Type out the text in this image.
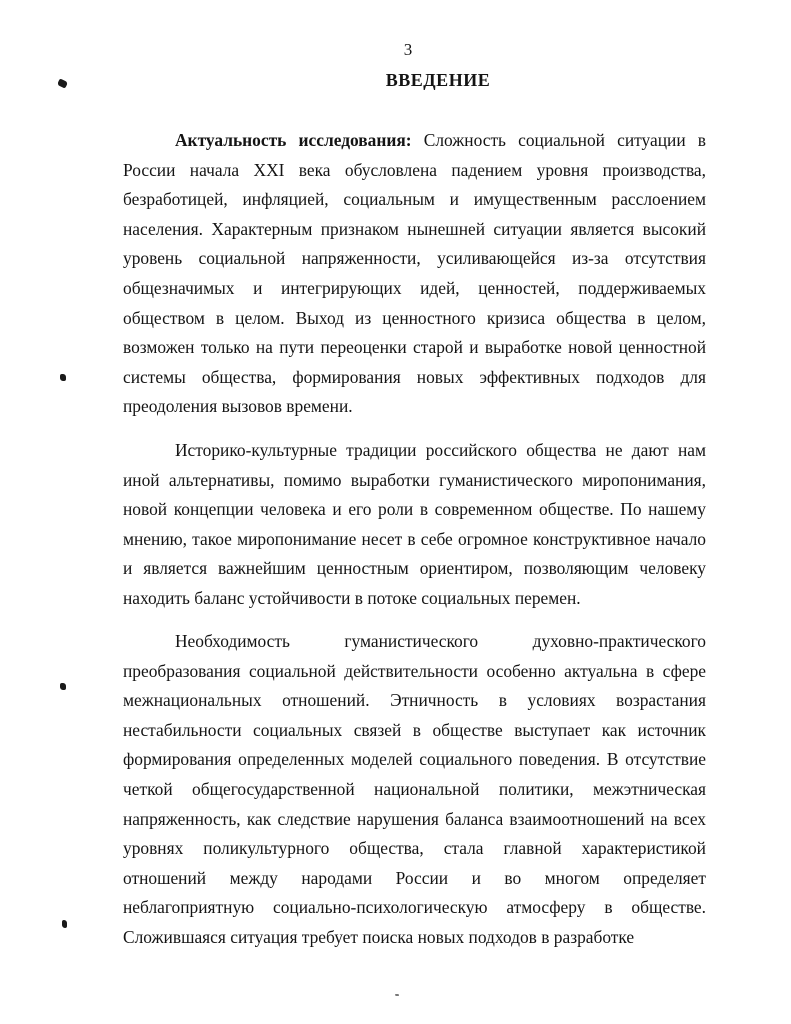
3
ВВЕДЕНИЕ

Актуальность исследования: Сложность социальной ситуации в России начала XXI века обусловлена падением уровня производства, безработицей, инфляцией, социальным и имущественным расслоением населения. Характерным признаком нынешней ситуации является высокий уровень социальной напряженности, усиливающейся из-за отсутствия общезначимых и интегрирующих идей, ценностей, поддерживаемых обществом в целом. Выход из ценностного кризиса общества в целом, возможен только на пути переоценки старой и выработке новой ценностной системы общества, формирования новых эффективных подходов для преодоления вызовов времени.

Историко-культурные традиции российского общества не дают нам иной альтернативы, помимо выработки гуманистического миропонимания, новой концепции человека и его роли в современном обществе. По нашему мнению, такое миропонимание несет в себе огромное конструктивное начало и является важнейшим ценностным ориентиром, позволяющим человеку находить баланс устойчивости в потоке социальных перемен.

Необходимость гуманистического духовно-практического преобразования социальной действительности особенно актуальна в сфере межнациональных отношений. Этничность в условиях возрастания нестабильности социальных связей в обществе выступает как источник формирования определенных моделей социального поведения. В отсутствие четкой общегосударственной национальной политики, межэтническая напряженность, как следствие нарушения баланса взаимоотношений на всех уровнях поликультурного общества, стала главной характеристикой отношений между народами России и во многом определяет неблагоприятную социально-психологическую атмосферу в обществе. Сложившаяся ситуация требует поиска новых подходов в разработке
